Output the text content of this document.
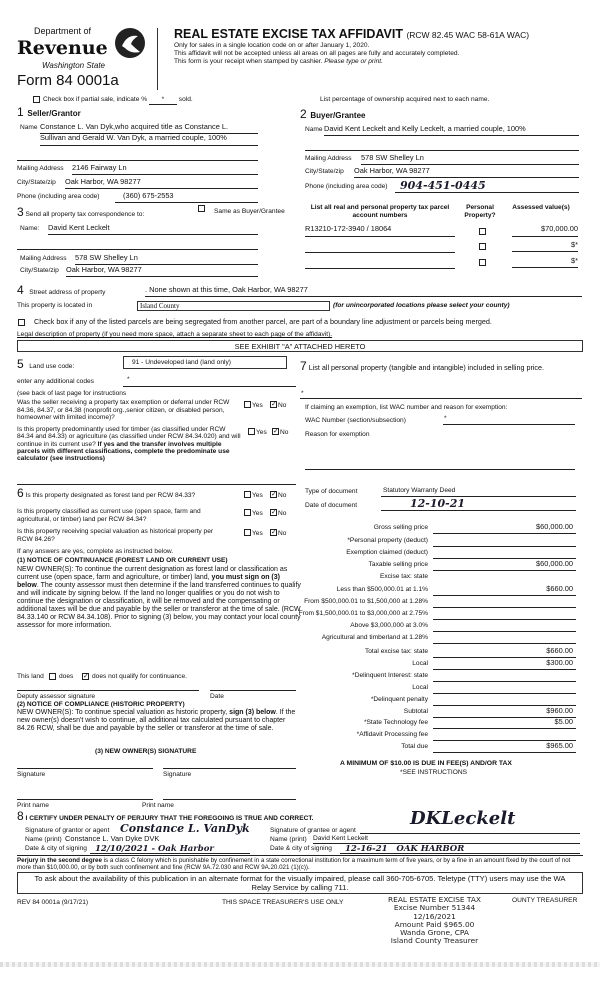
Department of
Revenue
Washington State
Form 84 0001a
REAL ESTATE EXCISE TAX AFFIDAVIT (RCW 82.45 WAC 58-61A WAC)
Only for sales in a single location code on or after January 1, 2020.
This affidavit will not be accepted unless all areas on all pages are fully and accurately completed.
This form is your receipt when stamped by cashier. Please type or print.
Check box if partial sale, indicate % * sold.	List percentage of ownership acquired next to each name.
1 Seller/Grantor
Name Constance L. Van Dyk,who acquired title as Constance L.
Sullivan and Gerald W. Van Dyk, a married couple, 100%
Mailing Address 2146 Fairway Ln
City/State/zip Oak Harbor, WA 98277
Phone (including area code)	(360) 675-2553
2 Buyer/Grantee
Name David Kent Leckelt and Kelly Leckelt, a married couple, 100%
Mailing Address 578 SW Shelley Ln
City/State/zip Oak Harbor, WA 98277
Phone (including area code) 904-451-0445
3 Send all property tax correspondence to:	Same as Buyer/Grantee
Name: David Kent Leckelt
Mailing Address 578 SW Shelley Ln
City/State/zip Oak Harbor, WA 98277
List all real and personal property tax parcel account numbers
Personal Property?
Assessed value(s)
R13210-172-3940 / 18064	$70,000.00
$*
$*
4 Street address of property	. None shown at this time, Oak Harbor, WA 98277
This property is located in	Island County	(for unincorporated locations please select your county)
Check box if any of the listed parcels are being segregated from another parcel, are part of a boundary line adjustment or parcels being merged.
Legal description of property (if you need more space, attach a separate sheet to each page of the affidavit).
SEE EXHIBIT "A" ATTACHED HERETO
5 Land use code:
91 - Undeveloped land (land only)
enter any additional codes	*
(see back of last page for instructions
Was the seller receiving a property tax exemption or deferral under RCW 84.36, 84.37, or 84.38 (nonprofit org.,senior citizen, or disabled person, homeowner with limited income)?
Yes ✓ No
Is this property predominantly used for timber (as classified under RCW 84.34 and 84.33) or agriculture (as classified under RCW 84.34.020) and will continue in its current use? If yes and the transfer involves multiple parcels with different classifications, complete the predominate use calculator (see instructions)
Yes ✓ No
6 Is this property designated as forest land per RCW 84.33?
Is this property classified as current use (open space, farm and agricultural, or timber) land per RCW 84.34?
Is this property receiving special valuation as historical property per RCW 84.26?
Yes ✓ No
Yes ✓ No
Yes ✓ No
If any answers are yes, complete as instructed below.
(1) NOTICE OF CONTINUANCE (FOREST LAND OR CURRENT USE)
NEW OWNER(S): To continue the current designation as forest land or classification as current use (open space, farm and agriculture, or timber) land, you must sign on (3) below. The county assessor must then determine if the land transferred continues to qualify and will indicate by signing below. If the land no longer qualifies or you do not wish to continue the designation or classification, it will be removed and the compensating or additional taxes will be due and payable by the seller or transferor at the time of sale. (RCW 84.33.140 or RCW 84.34.108). Prior to signing (3) below, you may contact your local county assessor for more information.
This land does ✓ does not qualify for continuance.
Deputy assessor signature	Date
(2) NOTICE OF COMPLIANCE (HISTORIC PROPERTY)
NEW OWNER(S): To continue special valuation as historic property, sign (3) below. If the new owner(s) doesn't wish to continue, all additional tax calculated pursuant to chapter 84.26 RCW, shall be due and payable by the seller or transferor at the time of sale.
(3) NEW OWNER(S) SIGNATURE
Signature	Signature
Print name	Print name
7 List all personal property (tangible and intangible) included in selling price.
*
If claiming an exemption, list WAC number and reason for exemption:
WAC Number (section/subsection)	*
Reason for exemption
Type of document	Statutory Warranty Deed
Date of document	12-10-21
Gross selling price	$60,000.00
*Personal property (deduct)
Exemption claimed (deduct)
Taxable selling price	$60,000.00
Excise tax: state
Less than $500,000.01 at 1.1%	$660.00
From $500,000.01 to $1,500,000 at 1.28%
From $1,500,000.01 to $3,000,000 at 2.75%
Above $3,000,000 at 3.0%
Agricultural and timberland at 1.28%
Total excise tax: state	$660.00
Local	$300.00
*Delinquent Interest: state
Local
*Delinquent penalty
Subtotal	$960.00
*State Technology fee	$5.00
*Affidavit Processing fee
Total due	$965.00
A MINIMUM OF $10.00 IS DUE IN FEE(S) AND/OR TAX
*SEE INSTRUCTIONS
8 I CERTIFY UNDER PENALTY OF PERJURY THAT THE FOREGOING IS TRUE AND CORRECT.
Signature of grantor or agent Constance L. VanDyk
Name (print) Constance L. Van Dyke DVK
Date & city of signing 12/10/2021 - Oak Harbor
Signature of grantee or agent
DKLeckelt
Name (print) David Kent Leckelt
Date & city of signing 12-16-21   OAK HARBOR
Perjury in the second degree is a class C felony which is punishable by confinement in a state correctional institution for a maximum term of five years, or by a fine in an amount fixed by the court of not more than $10,000.00, or by both such confinement and fine (RCW 9A.72.030 and RCW 9A.20.021 (1)(c)).
To ask about the availability of this publication in an alternate format for the visually impaired, please call 360-705-6705. Teletype (TTY) users may use the WA Relay Service by calling 711.
REV 84 0001a (9/17/21)	THIS SPACE TREASURER'S USE ONLY	OUNTY TREASURER
REAL ESTATE EXCISE TAX
Excise Number 51344
12/16/2021
Amount Paid $965.00
Wanda Grone, CPA
Island County Treasurer
